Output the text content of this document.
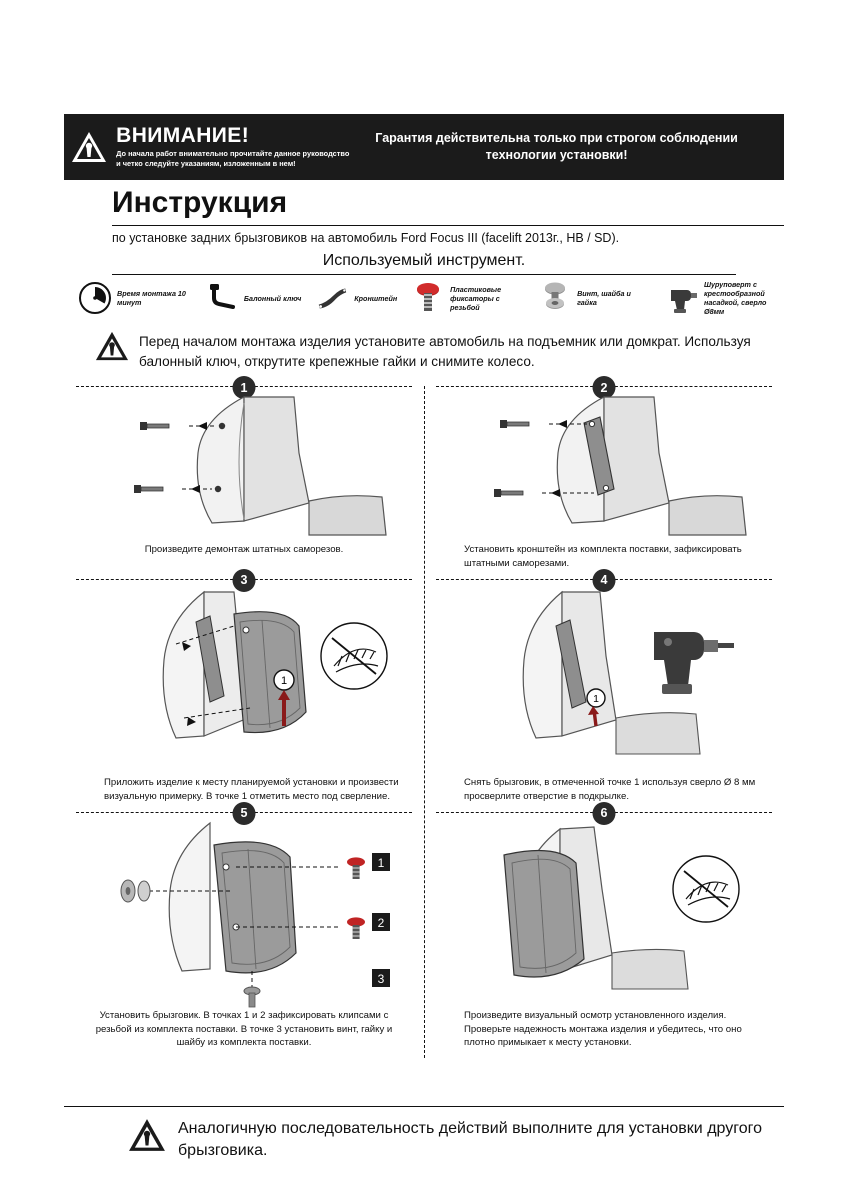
ВНИМАНИЕ!
До начала работ внимательно прочитайте данное руководство и четко следуйте указаниям, изложенным в нем!
Гарантия действительна только при строгом соблюдении технологии установки!
Инструкция
по установке задних брызговиков на автомобиль Ford Focus III (facelift 2013г., HB / SD).
Используемый инструмент.
Время монтажа 10 минут	Балонный ключ	Кронштейн
Пластиковые фиксаторы с резьбой
Винт, шайба и гайка
Шуруповерт с крестообразной насадкой, сверло Ø8мм
Перед началом монтажа изделия установите автомобиль на подъемник или домкрат. Используя балонный ключ, открутите крепежные гайки и снимите колесо.
1
Произведите демонтаж штатных саморезов.
2
Установить кронштейн из комплекта поставки, зафиксировать штатными саморезами.
3
1
Приложить изделие к месту планируемой установки и произвести визуальную примерку. В точке 1 отметить место под сверление.
4
1
Снять брызговик, в отмеченной точке 1 используя сверло Ø 8 мм просверлите отверстие в подкрылке.
5
1
2
3
Установить брызговик. В точках 1 и 2 зафиксировать клипсами с резьбой из комплекта поставки. В точке 3 установить винт, гайку и шайбу из комплекта поставки.
6
Произведите визуальный осмотр установленного изделия. Проверьте надежность монтажа изделия и убедитесь, что оно плотно примыкает к месту установки.
Аналогичную последовательность действий выполните для установки другого брызговика.
